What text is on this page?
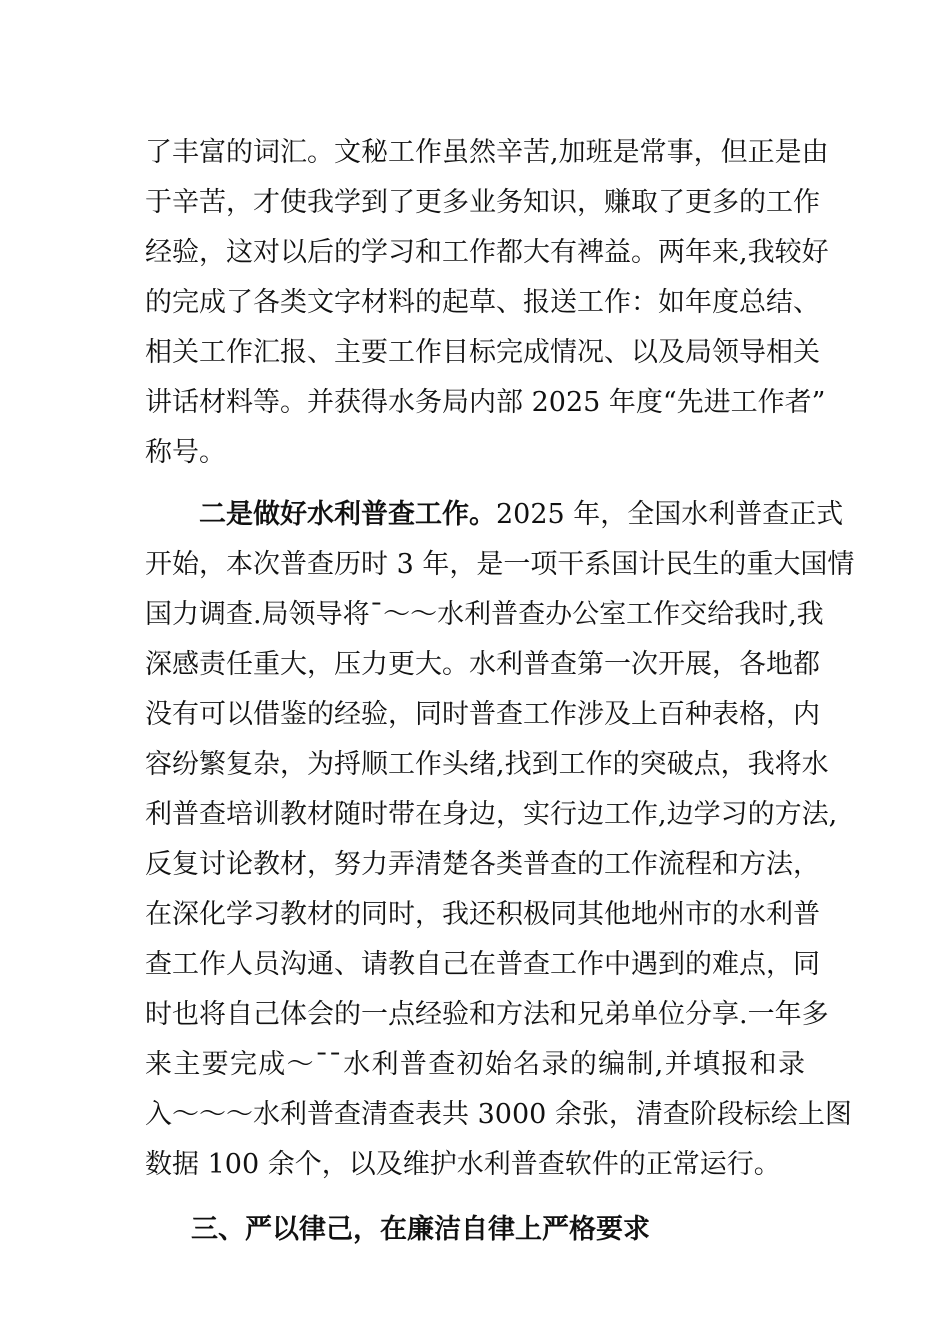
了丰富的词汇。文秘工作虽然辛苦,加班是常事，但正是由
于辛苦，才使我学到了更多业务知识，赚取了更多的工作
经验，这对以后的学习和工作都大有裨益。两年来,我较好
的完成了各类文字材料的起草、报送工作：如年度总结、
相关工作汇报、主要工作目标完成情况、以及局领导相关
讲话材料等。并获得水务局内部 2025 年度“先进工作者”
称号。
二是做好水利普查工作。2025 年，全国水利普查正式
开始，本次普查历时 3 年，是一项干系国计民生的重大国情
国力调查.局领导将¯～～水利普查办公室工作交给我时,我
深感责任重大，压力更大。水利普查第一次开展，各地都
没有可以借鉴的经验，同时普查工作涉及上百种表格，内
容纷繁复杂，为捋顺工作头绪,找到工作的突破点，我将水
利普查培训教材随时带在身边，实行边工作,边学习的方法,
反复讨论教材，努力弄清楚各类普查的工作流程和方法，
在深化学习教材的同时，我还积极同其他地州市的水利普
查工作人员沟通、请教自己在普查工作中遇到的难点，同
时也将自己体会的一点经验和方法和兄弟单位分享.一年多
来主要完成～¯¯水利普查初始名录的编制,并填报和录
入～～～水利普查清查表共 3000 余张，清查阶段标绘上图
数据 100 余个，以及维护水利普查软件的正常运行。
三、严以律己，在廉洁自律上严格要求
